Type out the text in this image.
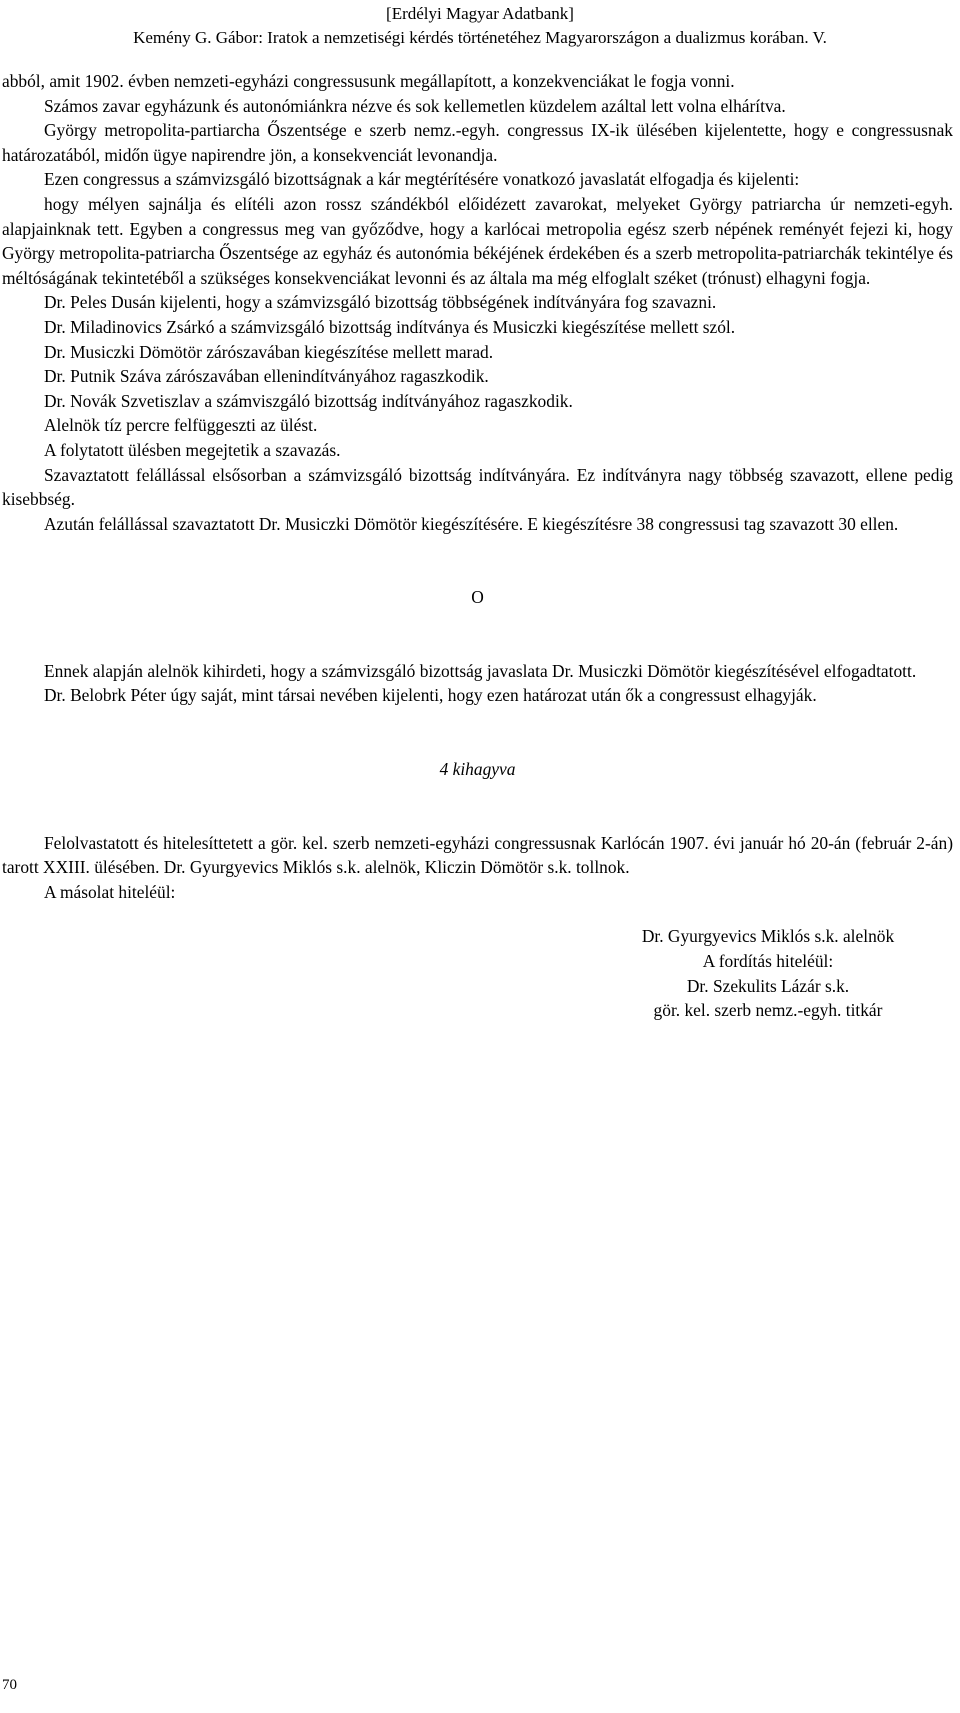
[Erdélyi Magyar Adatbank]
Kemény G. Gábor: Iratok a nemzetiségi kérdés történetéhez Magyarországon a dualizmus korában. V.

abból, amit 1902. évben nemzeti-egyházi congressusunk megállapított, a konzekvenciákat le fogja vonni.

Számos zavar egyházunk és autonómiánkra nézve és sok kellemetlen küzdelem azáltal lett volna elhárítva.

György metropolita-partiarcha Őszentsége e szerb nemz.-egyh. congressus IX-ik ülésében kijelentette, hogy e congressusnak határozatából, midőn ügye napirendre jön, a konsekvenciát levonandja.

Ezen congressus a számvizsgáló bizottságnak a kár megtérítésére vonatkozó javaslatát elfogadja és kijelenti:

hogy mélyen sajnálja és elítéli azon rossz szándékból előidézett zavarokat, melyeket György patriarcha úr nemzeti-egyh. alapjainknak tett. Egyben a congressus meg van győződve, hogy a karlócai metropolia egész szerb népének reményét fejezi ki, hogy György metropolita-patriarcha Őszentsége az egyház és autonómia békéjének érdekében és a szerb metropolita-patriarchák tekintélye és méltóságának tekintetéből a szükséges konsekvenciákat levonni és az általa ma még elfoglalt széket (trónust) elhagyni fogja.

Dr. Peles Dusán kijelenti, hogy a számvizsgáló bizottság többségének indítványára fog szavazni.

Dr. Miladinovics Zsárkó a számvizsgáló bizottság indítványa és Musiczki kiegészítése mellett szól.

Dr. Musiczki Dömötör zárószavában kiegészítése mellett marad.

Dr. Putnik Száva zárószavában ellenindítványához ragaszkodik.

Dr. Novák Szvetiszlav a számviszgáló bizottság indítványához ragaszkodik.

Alelnök tíz percre felfüggeszti az ülést.

A folytatott ülésben megejtetik a szavazás.

Szavaztatott felállással elsősorban a számvizsgáló bizottság indítványára. Ez indítványra nagy többség szavazott, ellene pedig kisebbség.

Azután felállással szavaztatott Dr. Musiczki Dömötör kiegészítésére. E kiegészítésre 38 congressusi tag szavazott 30 ellen.

O

Ennek alapján alelnök kihirdeti, hogy a számvizsgáló bizottság javaslata Dr. Musiczki Dömötör kiegészítésével elfogadtatott.

Dr. Belobrk Péter úgy saját, mint társai nevében kijelenti, hogy ezen határozat után ők a congressust elhagyják.

4 kihagyva

Felolvastatott és hitelesíttetett a gör. kel. szerb nemzeti-egyházi congressusnak Karlócán 1907. évi január hó 20-án (február 2-án) tarott XXIII. ülésében. Dr. Gyurgyevics Miklós s.k. alelnök, Kliczin Dömötör s.k. tollnok.

A másolat hiteléül:

Dr. Gyurgyevics Miklós s.k. alelnök
A fordítás hiteléül:
Dr. Szekulits Lázár s.k.
gör. kel. szerb nemz.-egyh. titkár
70
